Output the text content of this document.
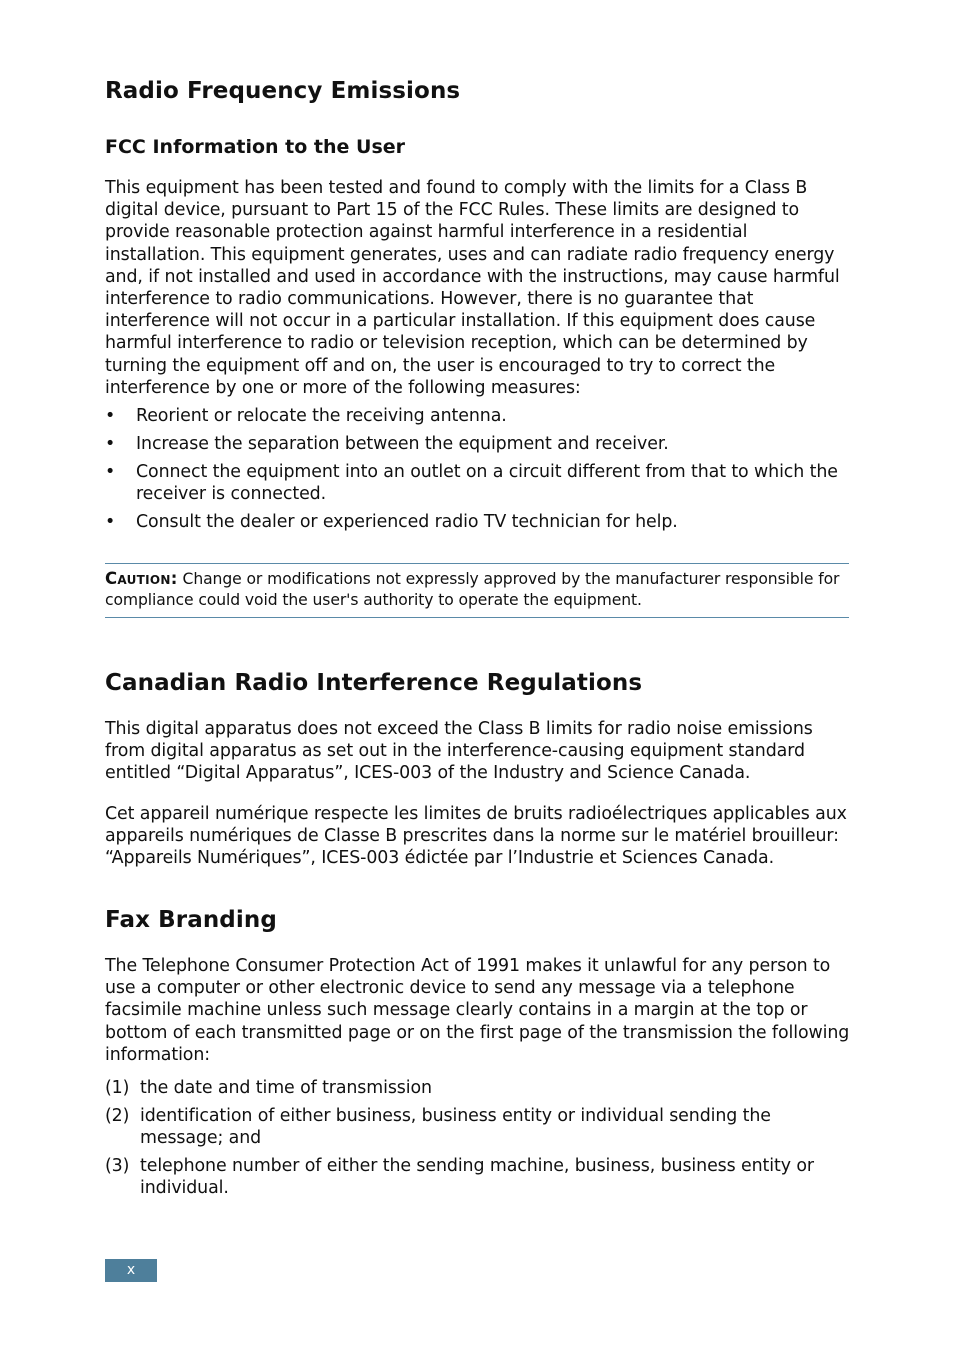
Radio Frequency Emissions
FCC Information to the User

This equipment has been tested and found to comply with the limits for a Class B digital device, pursuant to Part 15 of the FCC Rules. These limits are designed to provide reasonable protection against harmful interference in a residential installation. This equipment generates, uses and can radiate radio frequency energy and, if not installed and used in accordance with the instructions, may cause harmful interference to radio communications. However, there is no guarantee that interference will not occur in a particular installation. If this equipment does cause harmful interference to radio or television reception, which can be determined by turning the equipment off and on, the user is encouraged to try to correct the interference by one or more of the following measures:

• Reorient or relocate the receiving antenna.
• Increase the separation between the equipment and receiver.
• Connect the equipment into an outlet on a circuit different from that to which the receiver is connected.
• Consult the dealer or experienced radio TV technician for help.
Caution: Change or modifications not expressly approved by the manufacturer responsible for compliance could void the user's authority to operate the equipment.
Canadian Radio Interference Regulations

This digital apparatus does not exceed the Class B limits for radio noise emissions from digital apparatus as set out in the interference-causing equipment standard entitled “Digital Apparatus”, ICES-003 of the Industry and Science Canada.

Cet appareil numérique respecte les limites de bruits radioélectriques applicables aux appareils numériques de Classe B prescrites dans la norme sur le matériel brouilleur: “Appareils Numériques”, ICES-003 édictée par l’Industrie et Sciences Canada.

Fax Branding

The Telephone Consumer Protection Act of 1991 makes it unlawful for any person to use a computer or other electronic device to send any message via a telephone facsimile machine unless such message clearly contains in a margin at the top or bottom of each transmitted page or on the first page of the transmission the following information:

(1) the date and time of transmission
(2) identification of either business, business entity or individual sending the message; and
(3) telephone number of either the sending machine, business, business entity or individual.
x
